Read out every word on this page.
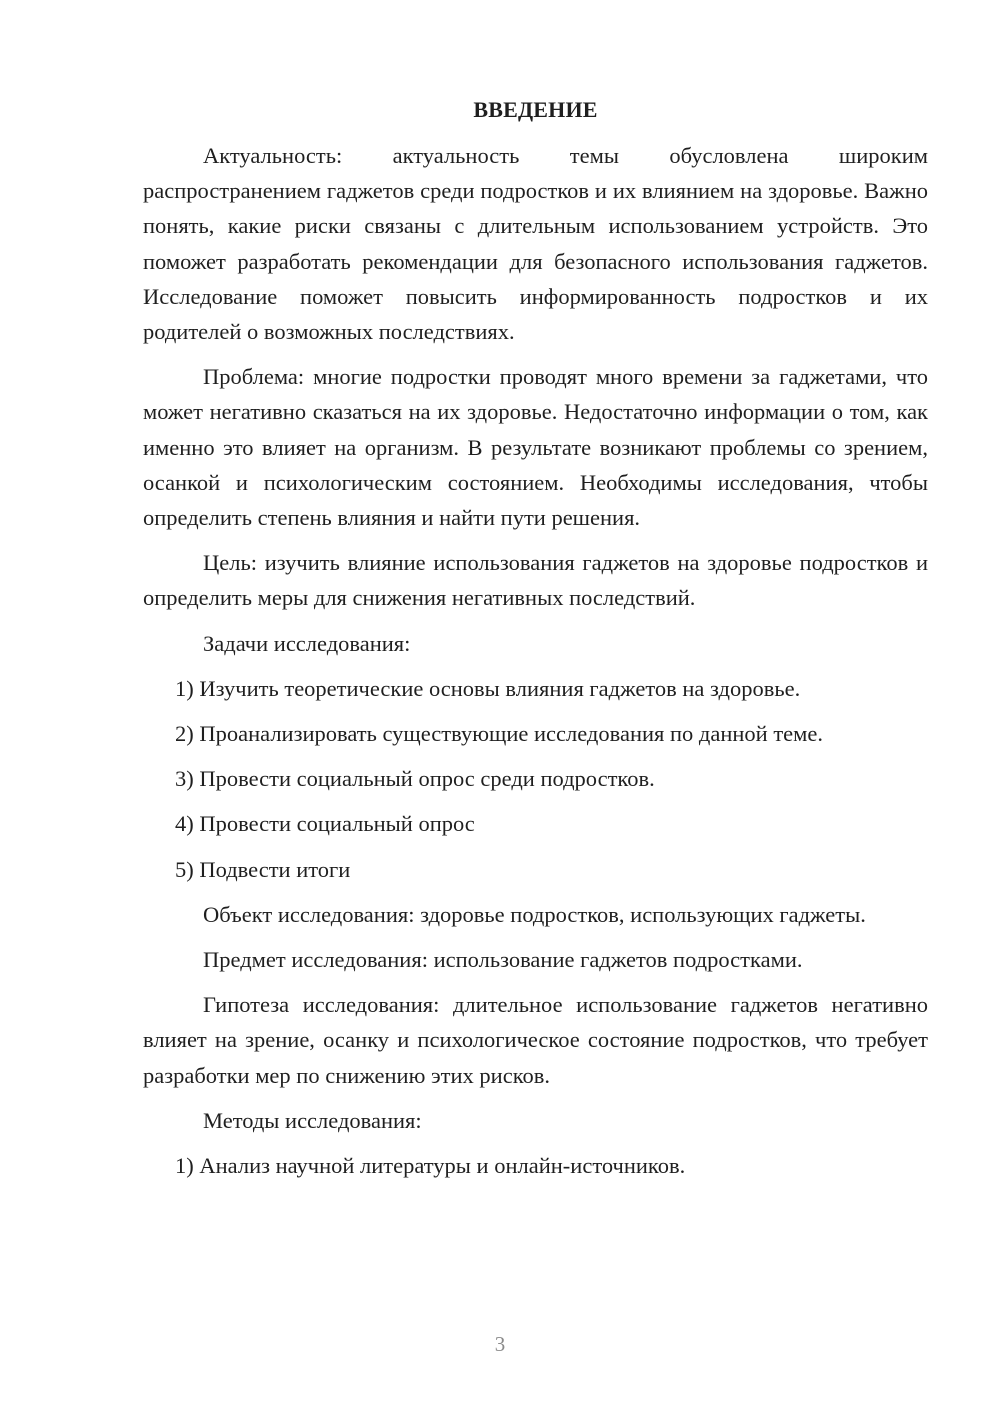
ВВЕДЕНИЕ

Актуальность: актуальность темы обусловлена широким распространением гаджетов среди подростков и их влиянием на здоровье. Важно понять, какие риски связаны с длительным использованием устройств. Это поможет разработать рекомендации для безопасного использования гаджетов. Исследование поможет повысить информированность подростков и их родителей о возможных последствиях.

Проблема: многие подростки проводят много времени за гаджетами, что может негативно сказаться на их здоровье. Недостаточно информации о том, как именно это влияет на организм. В результате возникают проблемы со зрением, осанкой и психологическим состоянием. Необходимы исследования, чтобы определить степень влияния и найти пути решения.

Цель: изучить влияние использования гаджетов на здоровье подростков и определить меры для снижения негативных последствий.

Задачи исследования:

1) Изучить теоретические основы влияния гаджетов на здоровье.
2) Проанализировать существующие исследования по данной теме.
3) Провести социальный опрос среди подростков.
4) Провести социальный опрос
5) Подвести итоги

Объект исследования: здоровье подростков, использующих гаджеты.

Предмет исследования: использование гаджетов подростками.

Гипотеза исследования: длительное использование гаджетов негативно влияет на зрение, осанку и психологическое состояние подростков, что требует разработки мер по снижению этих рисков.

Методы исследования:

1) Анализ научной литературы и онлайн-источников.
3
